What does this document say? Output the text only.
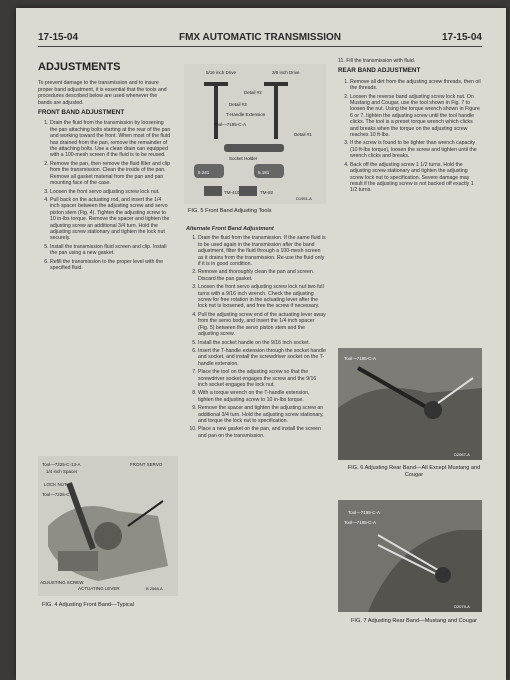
17-15-04	FMX AUTOMATIC TRANSMISSION	17-15-04
ADJUSTMENTS

To prevent damage to the transmission and to insure proper band adjustment, it is essential that the tools and procedures described below are used whenever the bands are adjusted.

FRONT BAND ADJUSTMENT
1. Drain the fluid from the transmission by loosening the pan attaching bolts starting at the rear of the pan and working toward the front. When most of the fluid has drained from the pan, remove the remainder of the attaching bolts. Use a clean drain can equipped with a 100-mesh screen if the fluid is to be reused.
2. Remove the pan, then remove the fluid filter and clip from the transmission. Clean the inside of the pan. Remove all gasket material from the pan and pan mounting face of the case.
3. Loosen the front servo adjusting screw lock nut.
4. Pull back on the actuating rod, and insert the 1/4 inch spacer between the adjusting screw and servo piston stem (Fig. 4). Tighten the adjusting screw to 10 in-lbs torque. Remove the spacer and tighten the adjusting screw an additional 3/4 turn. Hold the adjusting screw stationary and tighten the lock nut securely.
5. Install the transmission fluid screen and clip. Install the pan using a new gasket.
6. Refill the transmission to the proper level with the specified fluid.
Tool—7225-C-13-A
1/4 inch Spacer
LOCK NUT
Tool—7225-C
FRONT SERVO
ADJUSTING SCREW
ACTUATING LEVER	B 2568-A
FIG. 4 Adjusting Front Band—Typical
5/16 inch Drive	3/8 inch Drive
Detail #2
Detail #3
T-Handle Extension
Tool—7195-C-A
Detail #1
Socket Holder
5.241	5.181
TM-410	TM-82
D1951-A
FIG. 5 Front Band Adjusting Tools
Alternate Front Band Adjustment
1. Drain the fluid from the transmission. If the same fluid is to be used again in the transmission after the band adjustment, filter the fluid through a 100-mesh screen as it drains from the transmission. Re-use the fluid only if it is in good condition.
2. Remove and thoroughly clean the pan and screen. Discard the pan gasket.
3. Loosen the front servo adjusting screw lock nut two full turns with a 9/16 inch wrench. Check the adjusting screw for free rotation in the actuating lever after the lock nut is loosened, and free the screw if necessary.
4. Pull the adjusting screw end of the actuating lever away from the servo body, and insert the 1/4 inch spacer (Fig. 5) between the servo piston stem and the adjusting screw.
5. Install the socket handle on the 9/16 inch socket.
6. Insert the T-handle extension through the socket handle and socket, and install the screwdriver socket on the T-handle extension.
7. Place the tool on the adjusting screw so that the screwdriver socket engages the screw and the 9/16 inch socket engages the lock nut.
8. With a torque wrench on the T-handle extension, tighten the adjusting screw to 10 in-lbs torque.
9. Remove the spacer and tighten the adjusting screw an additional 3/4 turn. Hold the adjusting screw stationary, and torque the lock nut to specification.
10. Place a new gasket on the pan, and install the screen and pan on the transmission.

11. Fill the transmission with fluid.

REAR BAND ADJUSTMENT
1. Remove all dirt from the adjusting screw threads, then oil the threads.
2. Loosen the reverse band adjusting screw lock nut. On Mustang and Cougar, use the tool shown in Fig. 7 to loosen the nut. Using the torque wrench shown in Figure 6 or 7, tighten the adjusting screw until the tool handle clicks. The tool is a preset torque wrench which clicks and breaks when the torque on the adjusting screw reaches 10 ft-lbs.
3. If the screw is found to be tighter than wrench capacity (10 ft-lbs torque), loosen the screw and tighten until the wrench clicks and breaks.
4. Back off the adjusting screw 1 1/2 turns. Hold the adjusting screw stationary and tighten the adjusting screw lock nut to specification. Severe damage may result if the adjusting screw is not backed off exactly 1 1/2 turns.
Tool—7195-C-A
D2067-A
FIG. 6 Adjusting Rear Band—All Except Mustang and Cougar
Tool—7195-C-A
Tool—7195-C-A
D2075-A
FIG. 7 Adjusting Rear Band—Mustang and Cougar
